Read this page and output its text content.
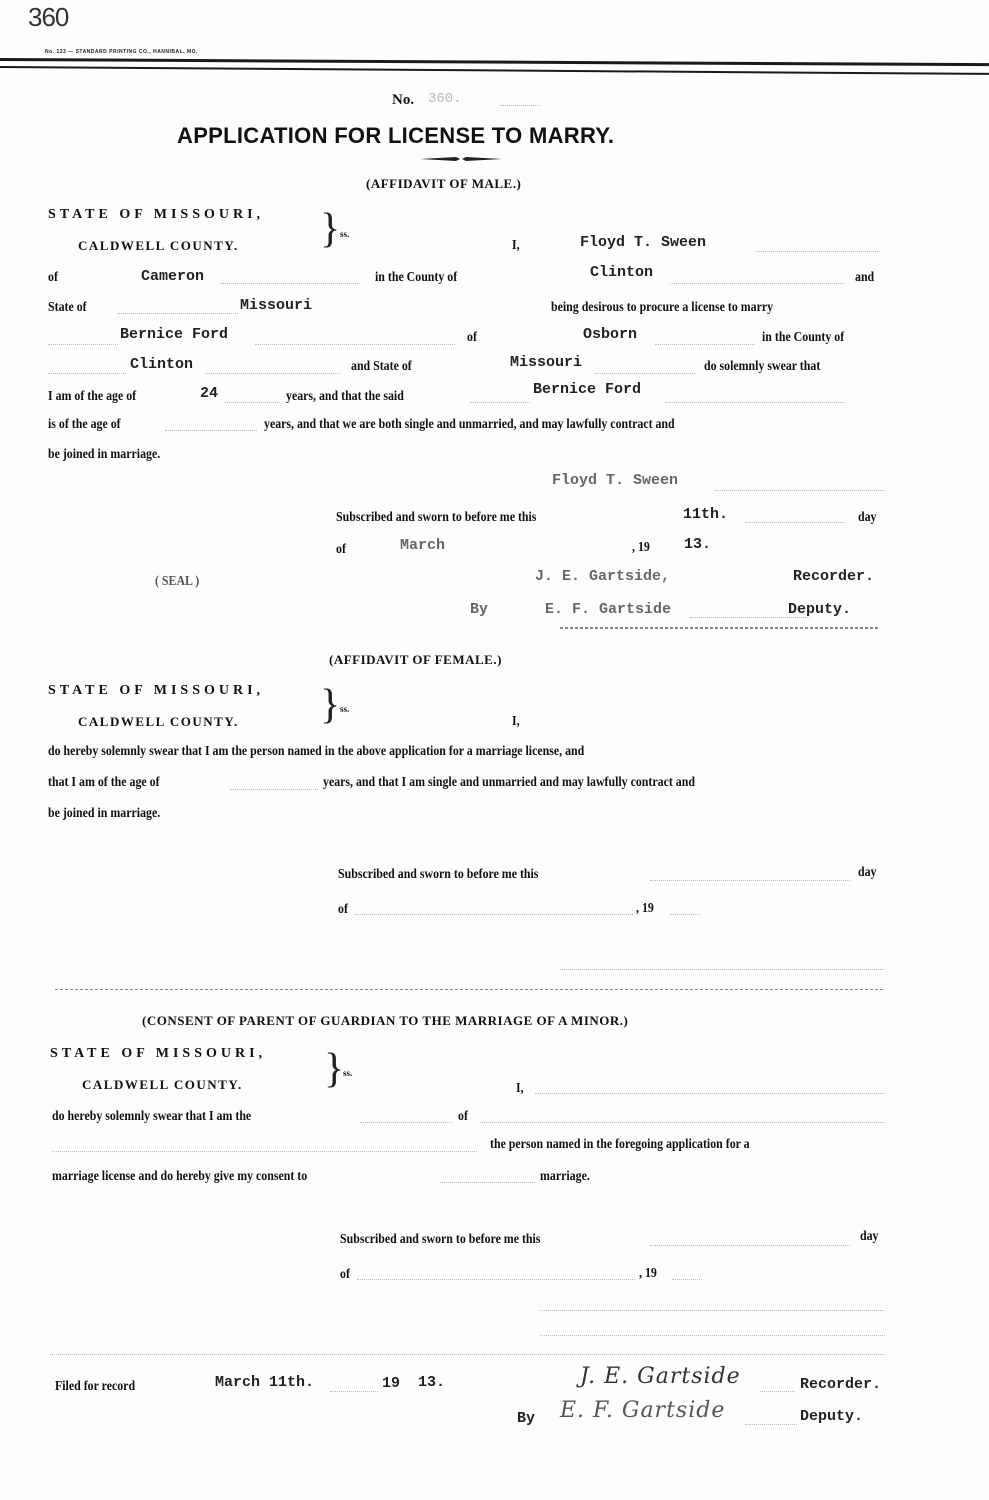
360
No. 123 — STANDARD PRINTING CO., HANNIBAL, MO.
No. 360.
APPLICATION FOR LICENSE TO MARRY.
(AFFIDAVIT OF MALE.)
STATE OF MISSOURI,
CALDWELL COUNTY. } ss.
I,	Floyd T. Sween
of	Cameron	in the County of	Clinton	and
State of	Missouri	being desirous to procure a license to marry
Bernice Ford	of	Osborn	in the County of
Clinton	and State of	Missouri	do solemnly swear that
I am of the age of	24	years, and that the said	Bernice Ford
is of the age of	years, and that we are both single and unmarried, and may lawfully contract and
be joined in marriage.
Floyd T. Sween
Subscribed and sworn to before me this	11th.	day
of	March	, 19 13.
( SEAL )	J. E. Gartside,	Recorder.
By	E. F. Gartside	Deputy.
(AFFIDAVIT OF FEMALE.)
STATE OF MISSOURI,
CALDWELL COUNTY. } ss.
I,
do hereby solemnly swear that I am the person named in the above application for a marriage license, and
that I am of the age of	years, and that I am single and unmarried and may lawfully contract and
be joined in marriage.
Subscribed and sworn to before me this	day
of	, 19
(CONSENT OF PARENT OF GUARDIAN TO THE MARRIAGE OF A MINOR.)
STATE OF MISSOURI,
CALDWELL COUNTY. }
ss.
I,
do hereby solemnly swear that I am the	of
the person named in the foregoing application for a
marriage license and do hereby give my consent to	marriage.
Subscribed and sworn to before me this	day
of	, 19
Filed for record	March 11th.	19 13.	J. E. Gartside	Recorder.
By E. F. Gartside	Deputy.
